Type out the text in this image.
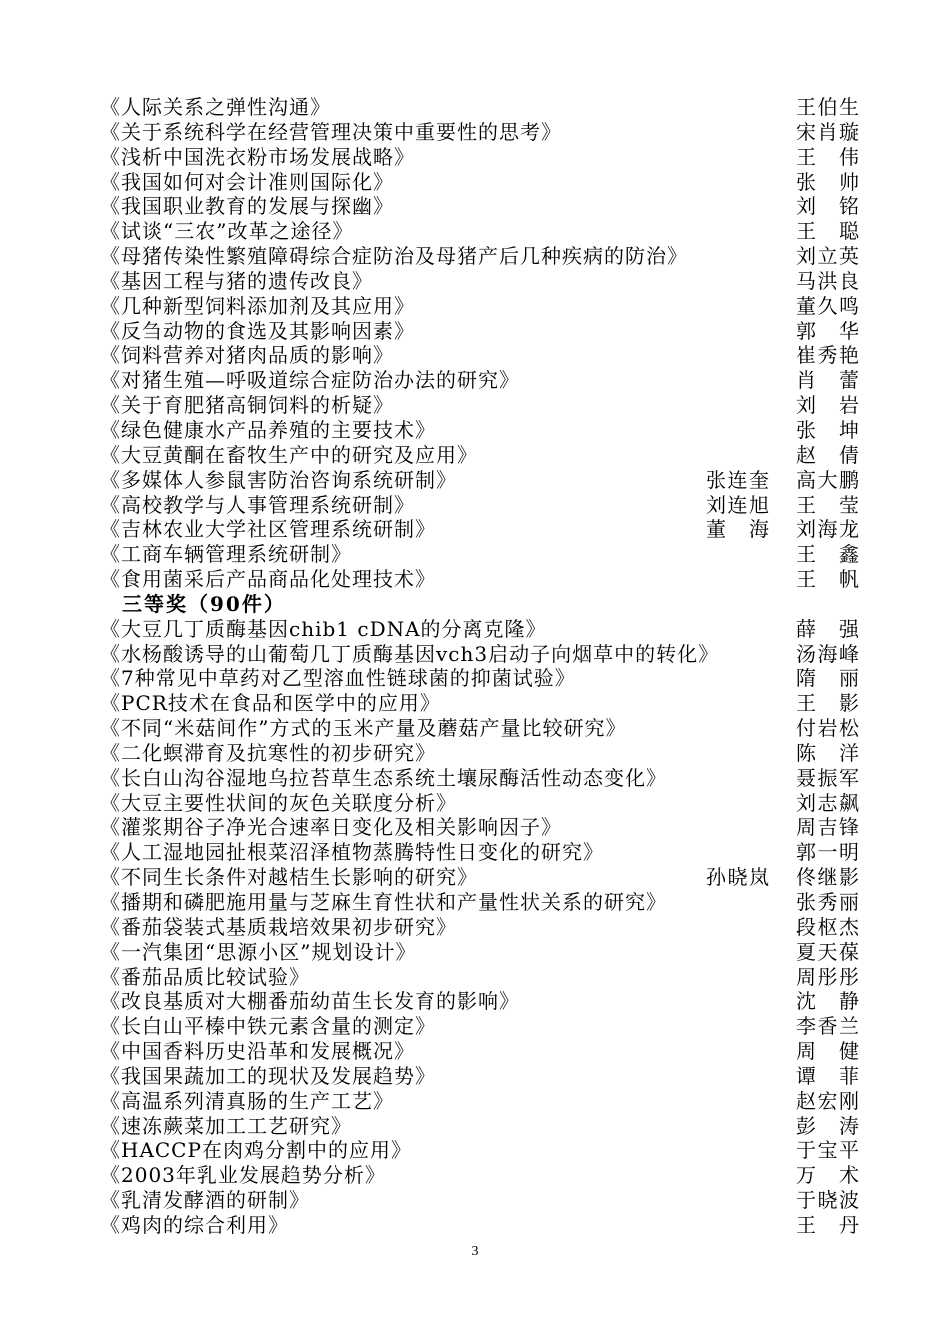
《人际关系之弹性沟通》	王伯生
《关于系统科学在经营管理决策中重要性的思考》	宋肖璇
《浅析中国洗衣粉市场发展战略》	王　伟
《我国如何对会计准则国际化》	张　帅
《我国职业教育的发展与探幽》	刘　铭
《试谈“三农”改革之途径》	王　聪
《母猪传染性繁殖障碍综合症防治及母猪产后几种疾病的防治》	刘立英
《基因工程与猪的遗传改良》	马洪良
《几种新型饲料添加剂及其应用》	董久鸣
《反刍动物的食选及其影响因素》	郭　华
《饲料营养对猪肉品质的影响》	崔秀艳
《对猪生殖—呼吸道综合症防治办法的研究》	肖　蕾
《关于育肥猪高铜饲料的析疑》	刘　岩
《绿色健康水产品养殖的主要技术》	张　坤
《大豆黄酮在畜牧生产中的研究及应用》	赵　倩
《多媒体人参鼠害防治咨询系统研制》	张连奎 高大鹏
《高校教学与人事管理系统研制》	刘连旭 王　莹
《吉林农业大学社区管理系统研制》	董　海 刘海龙
《工商车辆管理系统研制》	王　鑫
《食用菌采后产品商品化处理技术》	王　帆
三等奖（90件）
《大豆几丁质酶基因chib1 cDNA的分离克隆》	薛　强
《水杨酸诱导的山葡萄几丁质酶基因vch3启动子向烟草中的转化》	汤海峰
《7种常见中草药对乙型溶血性链球菌的抑菌试验》	隋　丽
《PCR技术在食品和医学中的应用》	王　影
《不同“米菇间作”方式的玉米产量及蘑菇产量比较研究》	付岩松
《二化螟滞育及抗寒性的初步研究》	陈　洋
《长白山沟谷湿地乌拉苔草生态系统土壤尿酶活性动态变化》	聂振军
《大豆主要性状间的灰色关联度分析》	刘志飙
《灌浆期谷子净光合速率日变化及相关影响因子》	周吉锋
《人工湿地园扯根菜沼泽植物蒸腾特性日变化的研究》	郭一明
《不同生长条件对越桔生长影响的研究》	孙晓岚 佟继影
《播期和磷肥施用量与芝麻生育性状和产量性状关系的研究》	张秀丽
《番茄袋装式基质栽培效果初步研究》	段枢杰
《一汽集团“思源小区”规划设计》	夏天葆
《番茄品质比较试验》	周彤彤
《改良基质对大棚番茄幼苗生长发育的影响》	沈　静
《长白山平榛中铁元素含量的测定》	李香兰
《中国香料历史沿革和发展概况》	周　健
《我国果蔬加工的现状及发展趋势》	谭　菲
《高温系列清真肠的生产工艺》	赵宏刚
《速冻蕨菜加工工艺研究》	彭　涛
《HACCP在肉鸡分割中的应用》	于宝平
《2003年乳业发展趋势分析》	万　术
《乳清发酵酒的研制》	于晓波
《鸡肉的综合利用》	王　丹
3
